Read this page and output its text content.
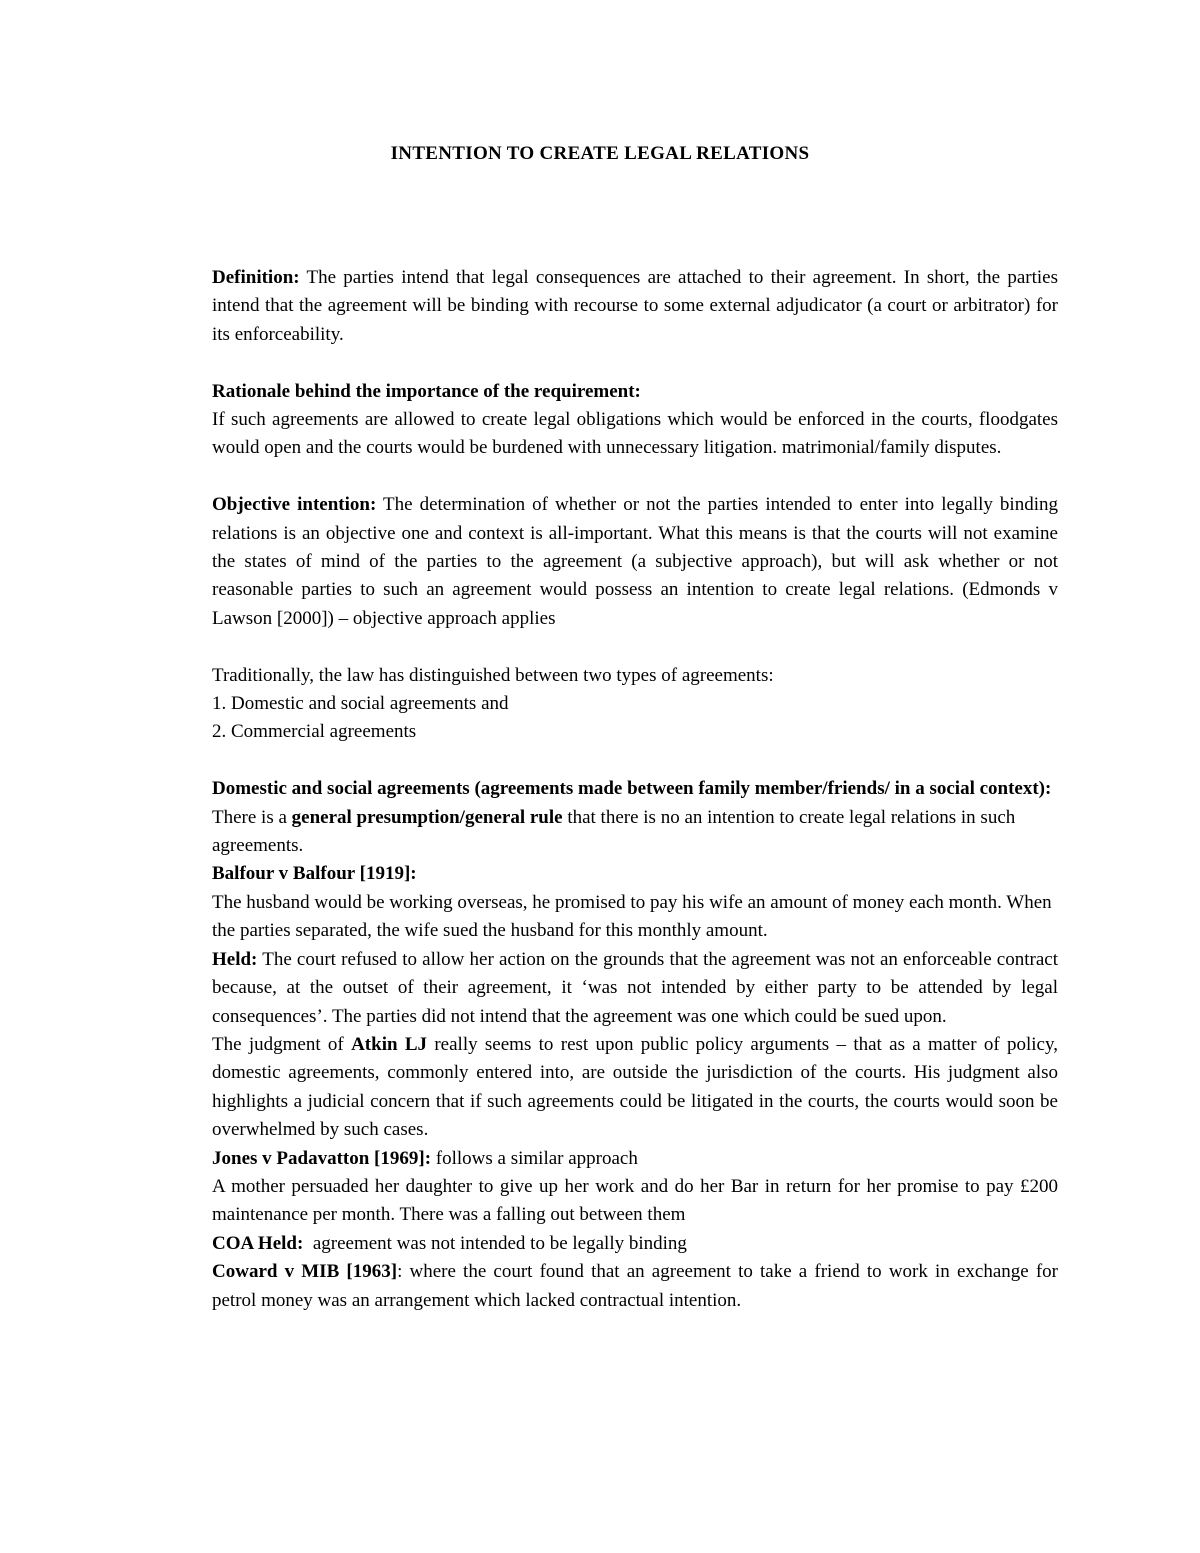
INTENTION TO CREATE LEGAL RELATIONS

Definition: The parties intend that legal consequences are attached to their agreement. In short, the parties intend that the agreement will be binding with recourse to some external adjudicator (a court or arbitrator) for its enforceability.

Rationale behind the importance of the requirement:

If such agreements are allowed to create legal obligations which would be enforced in the courts, floodgates would open and the courts would be burdened with unnecessary litigation. matrimonial/family disputes.

Objective intention: The determination of whether or not the parties intended to enter into legally binding relations is an objective one and context is all-important. What this means is that the courts will not examine the states of mind of the parties to the agreement (a subjective approach), but will ask whether or not reasonable parties to such an agreement would possess an intention to create legal relations. (Edmonds v Lawson [2000]) – objective approach applies

Traditionally, the law has distinguished between two types of agreements:

1. Domestic and social agreements and

2. Commercial agreements

Domestic and social agreements (agreements made between family member/friends/ in a social context):

There is a general presumption/general rule that there is no an intention to create legal relations in such agreements.

Balfour v Balfour [1919]:

The husband would be working overseas, he promised to pay his wife an amount of money each month. When the parties separated, the wife sued the husband for this monthly amount.

Held: The court refused to allow her action on the grounds that the agreement was not an enforceable contract because, at the outset of their agreement, it ‘was not intended by either party to be attended by legal consequences’. The parties did not intend that the agreement was one which could be sued upon.

The judgment of Atkin LJ really seems to rest upon public policy arguments – that as a matter of policy, domestic agreements, commonly entered into, are outside the jurisdiction of the courts. His judgment also highlights a judicial concern that if such agreements could be litigated in the courts, the courts would soon be overwhelmed by such cases.

Jones v Padavatton [1969]: follows a similar approach

A mother persuaded her daughter to give up her work and do her Bar in return for her promise to pay £200 maintenance per month. There was a falling out between them

COA Held:  agreement was not intended to be legally binding

Coward v MIB [1963]: where the court found that an agreement to take a friend to work in exchange for petrol money was an arrangement which lacked contractual intention.
